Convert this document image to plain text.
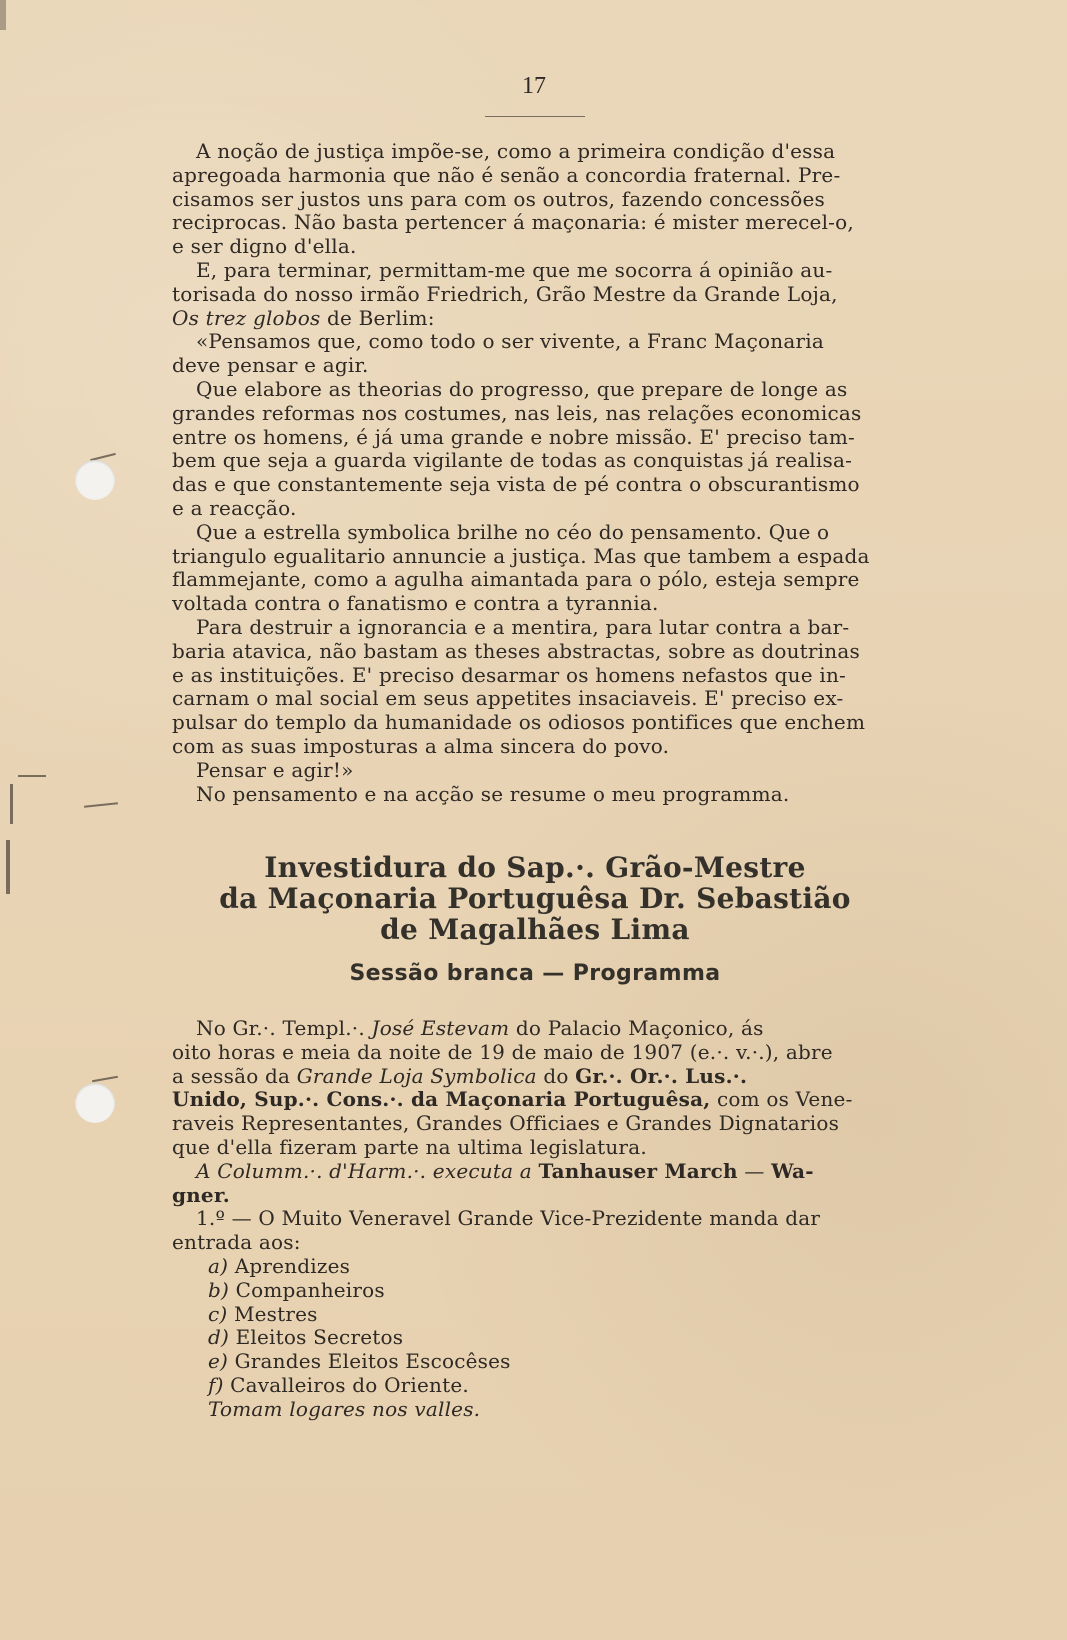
17
A noção de justiça impõe-se, como a primeira condição d'essa
apregoada harmonia que não é senão a concordia fraternal. Pre-
cisamos ser justos uns para com os outros, fazendo concessões
reciprocas. Não basta pertencer á maçonaria: é mister merecel-o,
e ser digno d'ella.
E, para terminar, permittam-me que me socorra á opinião au-
torisada do nosso irmão Friedrich, Grão Mestre da Grande Loja,
Os trez globos de Berlim:
«Pensamos que, como todo o ser vivente, a Franc Maçonaria
deve pensar e agir.
Que elabore as theorias do progresso, que prepare de longe as
grandes reformas nos costumes, nas leis, nas relações economicas
entre os homens, é já uma grande e nobre missão. E' preciso tam-
bem que seja a guarda vigilante de todas as conquistas já realisa-
das e que constantemente seja vista de pé contra o obscurantismo
e a reacção.
Que a estrella symbolica brilhe no céo do pensamento. Que o
triangulo egualitario annuncie a justiça. Mas que tambem a espada
flammejante, como a agulha aimantada para o pólo, esteja sempre
voltada contra o fanatismo e contra a tyrannia.
Para destruir a ignorancia e a mentira, para lutar contra a bar-
baria atavica, não bastam as theses abstractas, sobre as doutrinas
e as instituições. E' preciso desarmar os homens nefastos que in-
carnam o mal social em seus appetites insaciaveis. E' preciso ex-
pulsar do templo da humanidade os odiosos pontifices que enchem
com as suas imposturas a alma sincera do povo.
Pensar e agir!»
No pensamento e na acção se resume o meu programma.
Investidura do Sap.·. Grão-Mestre
da Maçonaria Portuguêsa Dr. Sebastião
de Magalhães Lima
Sessão branca — Programma
No Gr.·. Templ.·. José Estevam do Palacio Maçonico, ás
oito horas e meia da noite de 19 de maio de 1907 (e.·. v.·.), abre
a sessão da Grande Loja Symbolica do Gr.·. Or.·. Lus.·.
Unido, Sup.·. Cons.·. da Maçonaria Portuguêsa, com os Vene-
raveis Representantes, Grandes Officiaes e Grandes Dignatarios
que d'ella fizeram parte na ultima legislatura.
A Columm.·. d'Harm.·. executa a Tanhauser March — Wa-
gner.
1.º — O Muito Veneravel Grande Vice-Prezidente manda dar
entrada aos:
a) Aprendizes
b) Companheiros
c) Mestres
d) Eleitos Secretos
e) Grandes Eleitos Escocêses
f) Cavalleiros do Oriente.
Tomam logares nos valles.
